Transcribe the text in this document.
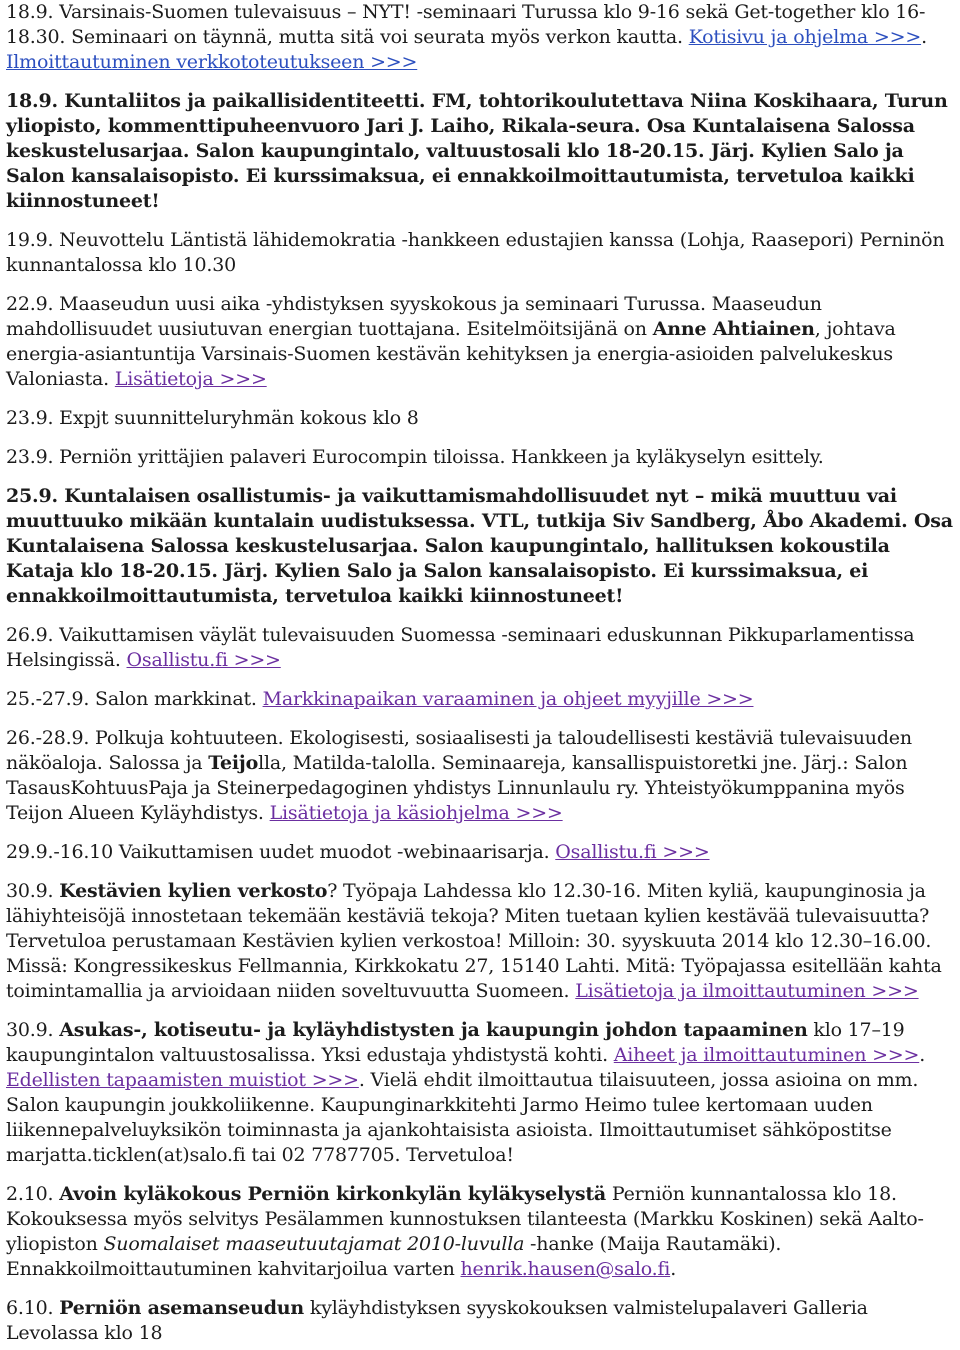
18.9. Varsinais-Suomen tulevaisuus – NYT! -seminaari Turussa klo 9-16 sekä Get-together klo 16-18.30. Seminaari on täynnä, mutta sitä voi seurata myös verkon kautta. Kotisivu ja ohjelma >>>. Ilmoittautuminen verkkototeutukseen >>>

18.9. Kuntaliitos ja paikallisidentiteetti. FM, tohtorikoulutettava Niina Koskihaara, Turun yliopisto, kommenttipuheenvuoro Jari J. Laiho, Rikala-seura. Osa Kuntalaisena Salossa keskustelusarjaa. Salon kaupungintalo, valtuustosali klo 18-20.15. Järj. Kylien Salo ja Salon kansalaisopisto. Ei kurssimaksua, ei ennakkoilmoittautumista, tervetuloa kaikki kiinnostuneet!

19.9. Neuvottelu Läntistä lähidemokratia -hankkeen edustajien kanssa (Lohja, Raasepori) Perninön kunnantalossa klo 10.30

22.9. Maaseudun uusi aika -yhdistyksen syyskokous ja seminaari Turussa. Maaseudun mahdollisuudet uusiutuvan energian tuottajana. Esitelmöitsijänä on Anne Ahtiainen, johtava energia-asiantuntija Varsinais-Suomen kestävän kehityksen ja energia-asioiden palvelukeskus Valoniasta. Lisätietoja >>>

23.9. Expjt suunnitteluryhmän kokous klo 8

23.9. Perniön yrittäjien palaveri Eurocompin tiloissa. Hankkeen ja kyläkyselyn esittely.

25.9. Kuntalaisen osallistumis- ja vaikuttamismahdollisuudet nyt – mikä muuttuu vai muuttuuko mikään kuntalain uudistuksessa. VTL, tutkija Siv Sandberg, Åbo Akademi. Osa Kuntalaisena Salossa keskustelusarjaa. Salon kaupungintalo, hallituksen kokoustila Kataja klo 18-20.15. Järj. Kylien Salo ja Salon kansalaisopisto. Ei kurssimaksua, ei ennakkoilmoittautumista, tervetuloa kaikki kiinnostuneet!

26.9. Vaikuttamisen väylät tulevaisuuden Suomessa -seminaari eduskunnan Pikkuparlamentissa Helsingissä. Osallistu.fi >>>

25.-27.9. Salon markkinat. Markkinapaikan varaaminen ja ohjeet myyjille >>>

26.-28.9. Polkuja kohtuuteen. Ekologisesti, sosiaalisesti ja taloudellisesti kestäviä tulevaisuuden näköaloja. Salossa ja Teijolla, Matilda-talolla. Seminaareja, kansallispuistoretki jne. Järj.: Salon TasausKohtuusPaja ja Steinerpedagoginen yhdistys Linnunlaulu ry. Yhteistyökumppanina myös Teijon Alueen Kyläyhdistys. Lisätietoja ja käsiohjelma >>>

29.9.-16.10 Vaikuttamisen uudet muodot -webinaarisarja. Osallistu.fi >>>

30.9. Kestävien kylien verkosto? Työpaja Lahdessa klo 12.30-16. Miten kyliä, kaupunginosia ja lähiyhteisöjä innostetaan tekemään kestäviä tekoja? Miten tuetaan kylien kestävää tulevaisuutta? Tervetuloa perustamaan Kestävien kylien verkostoa! Milloin: 30. syyskuuta 2014 klo 12.30–16.00. Missä: Kongressikeskus Fellmannia, Kirkkokatu 27, 15140 Lahti. Mitä: Työpajassa esitellään kahta toimintamallia ja arvioidaan niiden soveltuvuutta Suomeen. Lisätietoja ja ilmoittautuminen >>>

30.9. Asukas-, kotiseutu- ja kyläyhdistysten ja kaupungin johdon tapaaminen klo 17–19 kaupungintalon valtuustosalissa. Yksi edustaja yhdistystä kohti. Aiheet ja ilmoittautuminen >>>. Edellisten tapaamisten muistiot >>>. Vielä ehdit ilmoittautua tilaisuuteen, jossa asioina on mm. Salon kaupungin joukkoliikenne. Kaupunginarkkitehti Jarmo Heimo tulee kertomaan uuden liikennepalveluyksikön toiminnasta ja ajankohtaisista asioista. Ilmoittautumiset sähköpostitse marjatta.ticklen(at)salo.fi tai 02 7787705. Tervetuloa!

2.10. Avoin kyläkokous Perniön kirkonkylän kyläkyselystä Perniön kunnantalossa klo 18. Kokouksessa myös selvitys Pesälammen kunnostuksen tilanteesta (Markku Koskinen) sekä Aalto-yliopiston Suomalaiset maaseutuutajamat 2010-luvulla -hanke (Maija Rautamäki). Ennakkoilmoittautuminen kahvitarjoilua varten henrik.hausen@salo.fi.

6.10. Perniön asemanseudun kyläyhdistyksen syyskokouksen valmistelupalaveri Galleria Levolassa klo 18
